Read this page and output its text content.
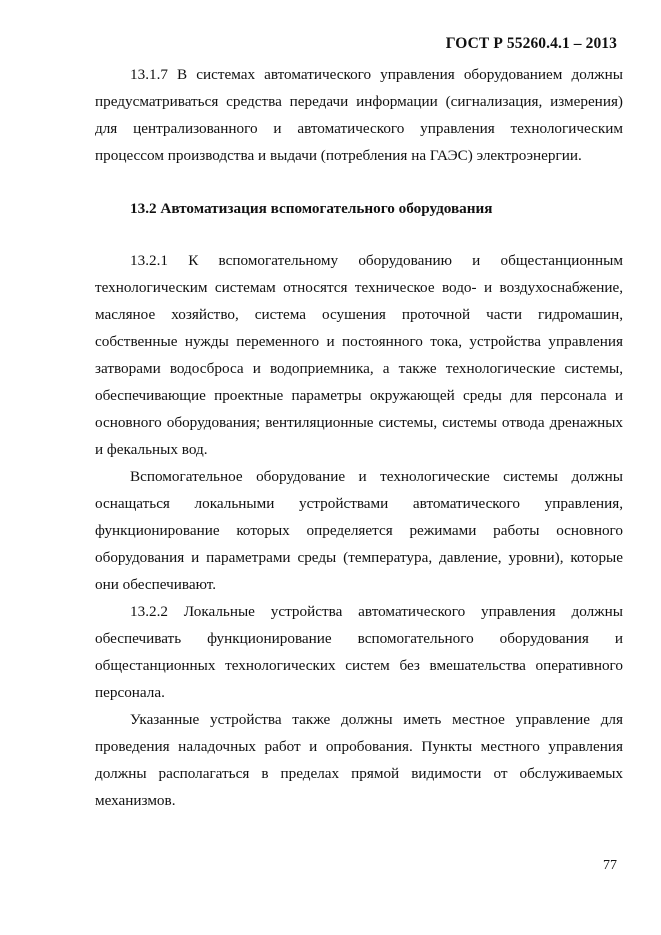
ГОСТ Р 55260.4.1 – 2013

13.1.7 В системах автоматического управления оборудованием должны предусматриваться средства передачи информации (сигнализация, измерения) для централизованного и автоматического управления технологическим процессом производства и выдачи (потребления на ГАЭС) электроэнергии.

13.2 Автоматизация вспомогательного оборудования

13.2.1 К вспомогательному оборудованию и общестанционным технологическим системам относятся техническое водо- и воздухоснабжение, масляное хозяйство, система осушения проточной части гидромашин, собственные нужды переменного и постоянного тока, устройства управления затворами водосброса и водоприемника, а также технологические системы, обеспечивающие проектные параметры окружающей среды для персонала и основного оборудования; вентиляционные системы, системы отвода дренажных и фекальных вод.

Вспомогательное оборудование и технологические системы должны оснащаться локальными устройствами автоматического управления, функционирование которых определяется режимами работы основного оборудования и параметрами среды (температура, давление, уровни), которые они обеспечивают.

13.2.2 Локальные устройства автоматического управления должны обеспечивать функционирование вспомогательного оборудования и общестанционных технологических систем без вмешательства оперативного персонала.

Указанные устройства также должны иметь местное управление для проведения наладочных работ и опробования. Пункты местного управления должны располагаться в пределах прямой видимости от обслуживаемых механизмов.

77
